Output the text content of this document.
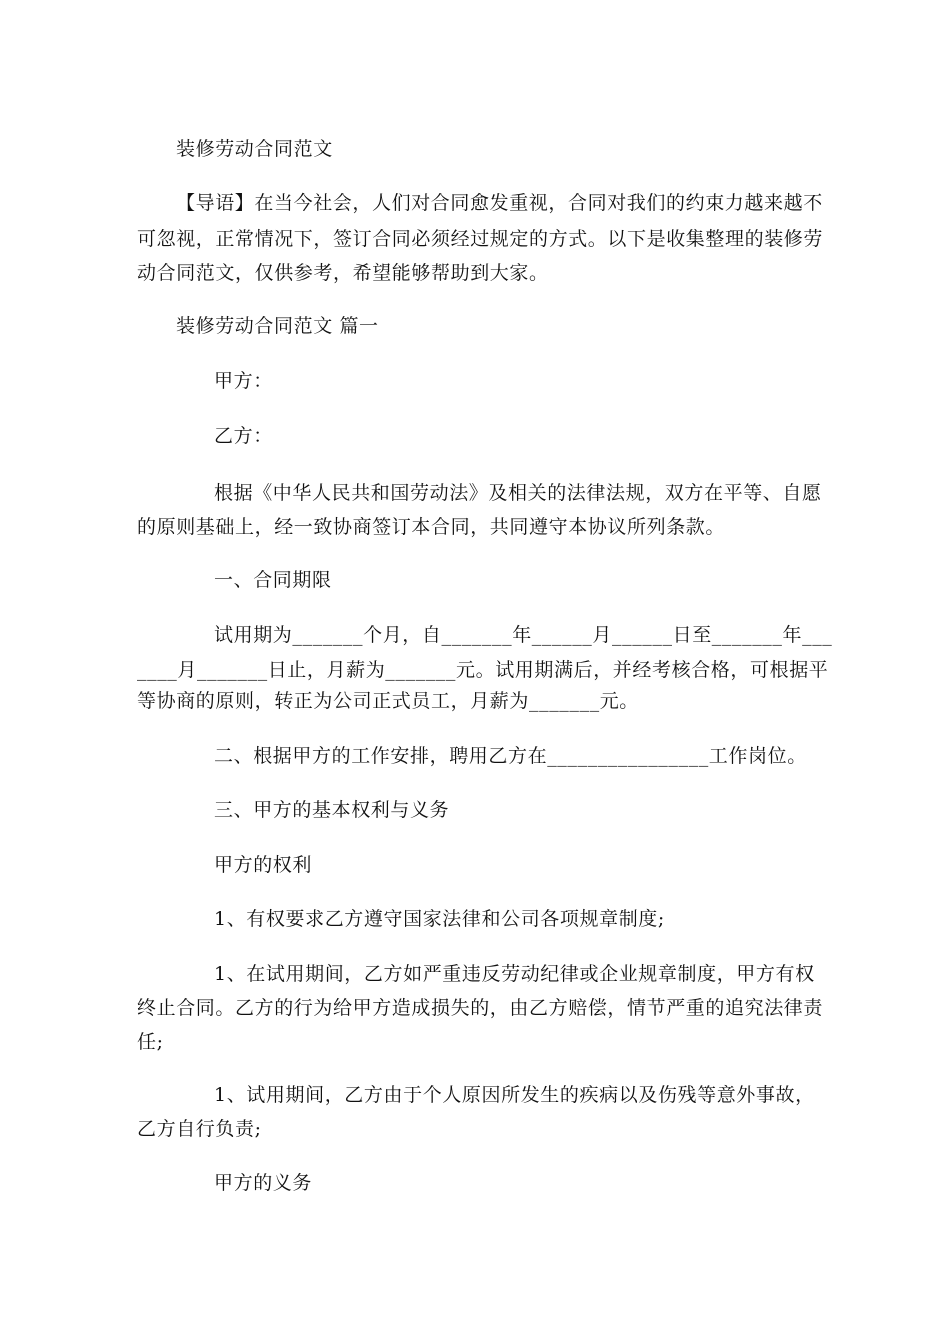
装修劳动合同范文
【导语】在当今社会，人们对合同愈发重视，合同对我们的约束力越来越不
可忽视，正常情况下，签订合同必须经过规定的方式。以下是收集整理的装修劳
动合同范文，仅供参考，希望能够帮助到大家。
装修劳动合同范文 篇一
甲方：
乙方：
根据《中华人民共和国劳动法》及相关的法律法规，双方在平等、自愿
的原则基础上，经一致协商签订本合同，共同遵守本协议所列条款。
一、合同期限
试用期为_______个月，自_______年______月______日至_______年___
____月_______日止，月薪为_______元。试用期满后，并经考核合格，可根据平
等协商的原则，转正为公司正式员工，月薪为_______元。
二、根据甲方的工作安排，聘用乙方在________________工作岗位。
三、甲方的基本权利与义务
甲方的权利
1、有权要求乙方遵守国家法律和公司各项规章制度;
1、在试用期间，乙方如严重违反劳动纪律或企业规章制度，甲方有权
终止合同。乙方的行为给甲方造成损失的，由乙方赔偿，情节严重的追究法律责
任;
1、试用期间，乙方由于个人原因所发生的疾病以及伤残等意外事故，
乙方自行负责;
甲方的义务
